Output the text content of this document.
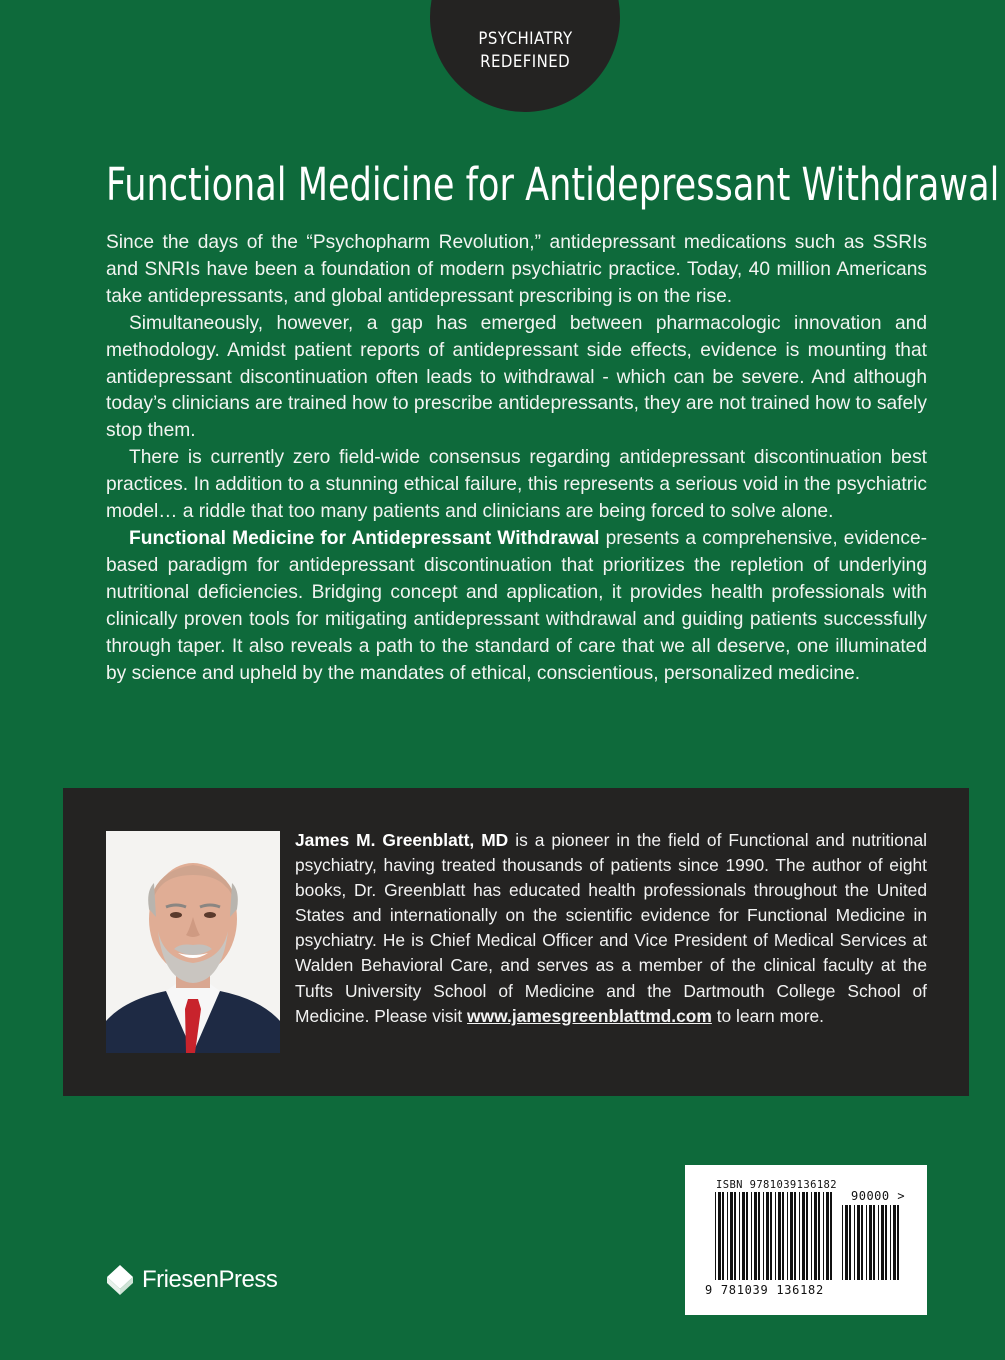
PSYCHIATRY
REDEFINED
Functional Medicine for Antidepressant Withdrawal

Since the days of the “Psychopharm Revolution,” antidepressant medications such as SSRIs and SNRIs have been a foundation of modern psychiatric practice. Today, 40 million Americans take antidepressants, and global antidepressant prescribing is on the rise.

Simultaneously, however, a gap has emerged between pharmacologic innovation and methodology. Amidst patient reports of antidepressant side effects, evidence is mounting that antidepressant discontinuation often leads to withdrawal - which can be severe. And although today’s clinicians are trained how to prescribe antidepressants, they are not trained how to safely stop them.

There is currently zero field-wide consensus regarding antidepressant discontinuation best practices. In addition to a stunning ethical failure, this represents a serious void in the psychiatric model… a riddle that too many patients and clinicians are being forced to solve alone.

Functional Medicine for Antidepressant Withdrawal presents a comprehensive, evidence-based paradigm for antidepressant discontinuation that prioritizes the repletion of underlying nutritional deficiencies. Bridging concept and application, it provides health professionals with clinically proven tools for mitigating antidepressant withdrawal and guiding patients successfully through taper. It also reveals a path to the standard of care that we all deserve, one illuminated by science and upheld by the mandates of ethical, conscientious, personalized medicine.

James M. Greenblatt, MD is a pioneer in the field of Functional and nutritional psychiatry, having treated thousands of patients since 1990. The author of eight books, Dr. Greenblatt has educated health professionals throughout the United States and internationally on the scientific evidence for Functional Medicine in psychiatry. He is Chief Medical Officer and Vice President of Medical Services at Walden Behavioral Care, and serves as a member of the clinical faculty at the Tufts University School of Medicine and the Dartmouth College School of Medicine. Please visit www.jamesgreenblattmd.com to learn more.

FriesenPress
ISBN 9781039136182
90000 >
9 781039 136182
